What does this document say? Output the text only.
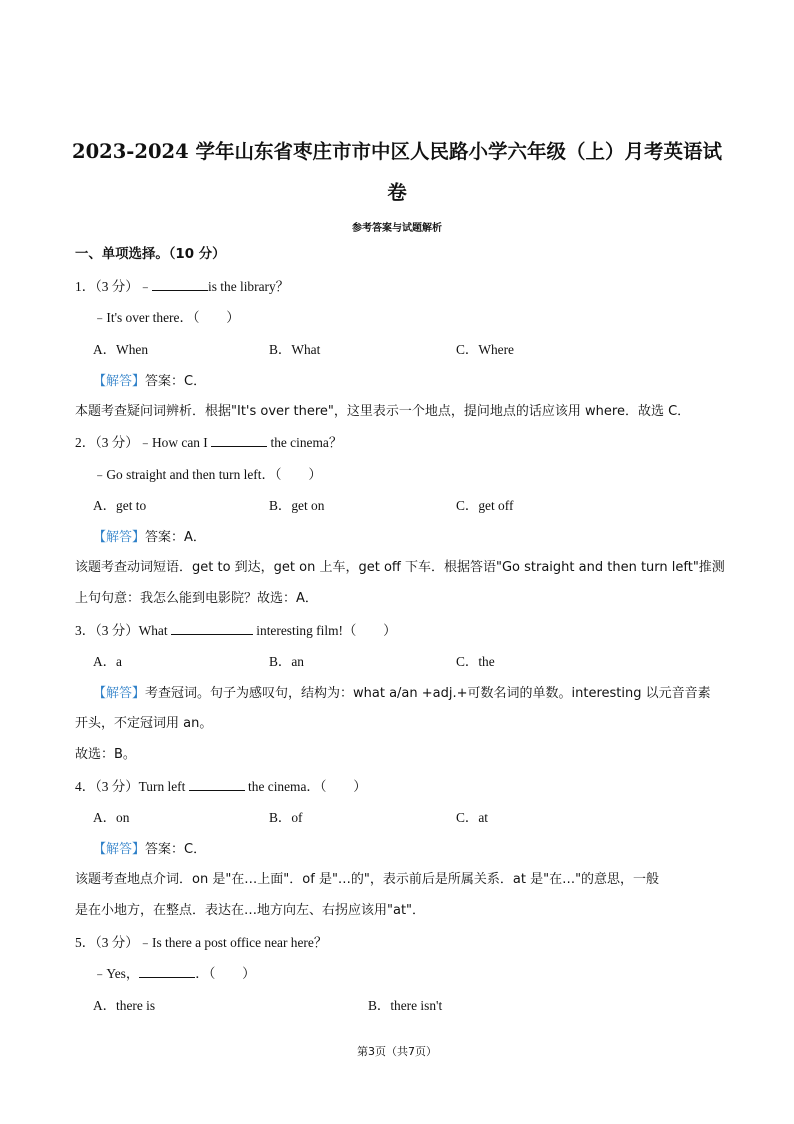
2023-2024 学年山东省枣庄市市中区人民路小学六年级（上）月考英语试
卷
参考答案与试题解析
一、单项选择。（10 分）
1．（3 分）﹣	is the library？
﹣It's over there．（　　）
A．When	B．What	C．Where
【解答】答案：C．
本题考查疑问词辨析．根据"It's over there"，这里表示一个地点，提问地点的话应该用 where．故选 C．
2．（3 分）﹣How can I	the cinema？
﹣Go straight and then turn left．（　　）
A．get to	B．get on	C．get off
【解答】答案：A．
该题考查动词短语．get to 到达，get on 上车，get off 下车．根据答语"Go straight and then turn left"推测
上句句意：我怎么能到电影院？故选：A．
3．（3 分）What	interesting film!（　　）
A．a	B．an	C．the
【解答】考查冠词。句子为感叹句，结构为：what a/an +adj.+可数名词的单数。interesting 以元音音素
开头，不定冠词用 an。
故选：B。
4．（3 分）Turn left	the cinema．（　　）
A．on	B．of	C．at
【解答】答案：C．
该题考查地点介词．on 是"在…上面"．of 是"…的"，表示前后是所属关系．at 是"在…"的意思，一般
是在小地方，在整点．表达在…地方向左、右拐应该用"at"．
5．（3 分）﹣Is there a post office near here？
﹣Yes，	．（　　）
A．there is	B．there isn't
第3页（共7页）
